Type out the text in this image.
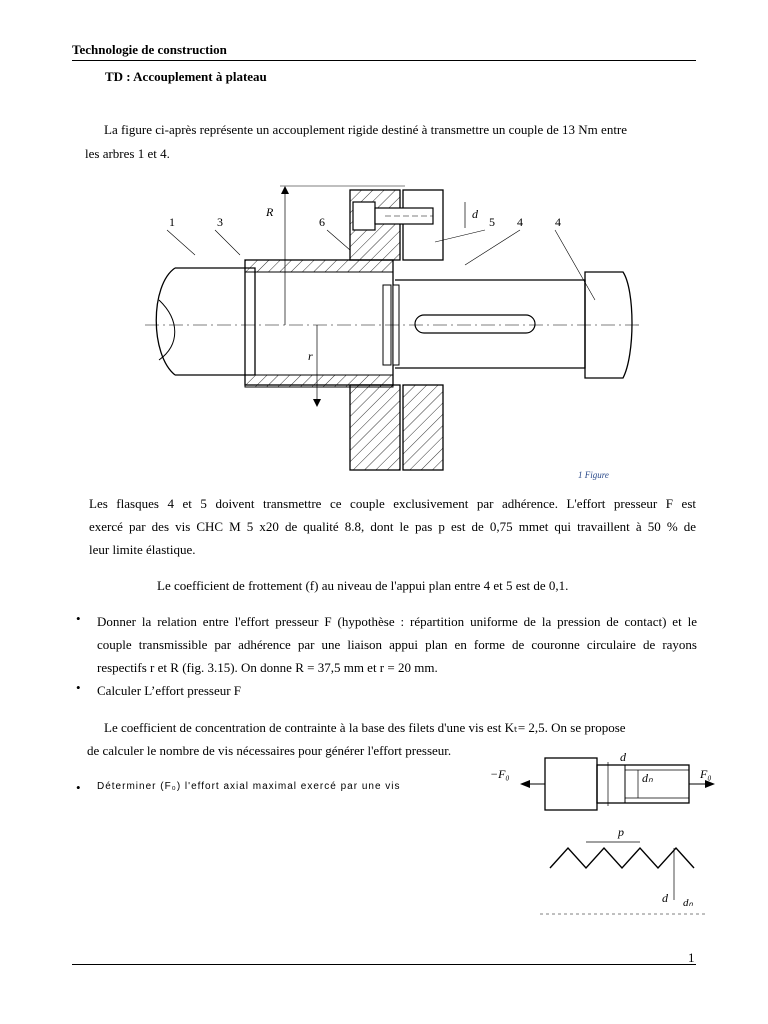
Technologie de construction
TD : Accouplement à plateau
La figure ci-après représente un accouplement rigide destiné à transmettre un couple de 13 Nm entre
les arbres 1 et 4.
1	3
R
6
d
5 4	4
r
1 Figure
Les flasques 4 et 5 doivent transmettre ce couple exclusivement par adhérence. L'effort presseur F est
exercé par des vis CHC M 5 x20 de qualité 8.8, dont le pas p est de 0,75 mmet qui travaillent à 50 % de
leur limite élastique.
Le coefficient de frottement (f) au niveau de l'appui plan entre 4 et 5 est de 0,1.
• Donner la relation entre l'effort presseur F (hypothèse : répartition uniforme de la pression de contact) et le
couple transmissible par adhérence par une liaison appui plan en forme de couronne circulaire de rayons
respectifs r et R (fig. 3.15). On donne R = 37,5 mm et r = 20 mm.
• Calculer L’effort presseur F
Le coefficient de concentration de contrainte à la base des filets d'une vis est Kₜ= 2,5. On se propose
de calculer le nombre de vis nécessaires pour générer l'effort presseur.
• Déterminer (F₀) l'effort axial maximal exercé par une vis
−F₀	F₀
d
dₙ
p
d dₙ
1
